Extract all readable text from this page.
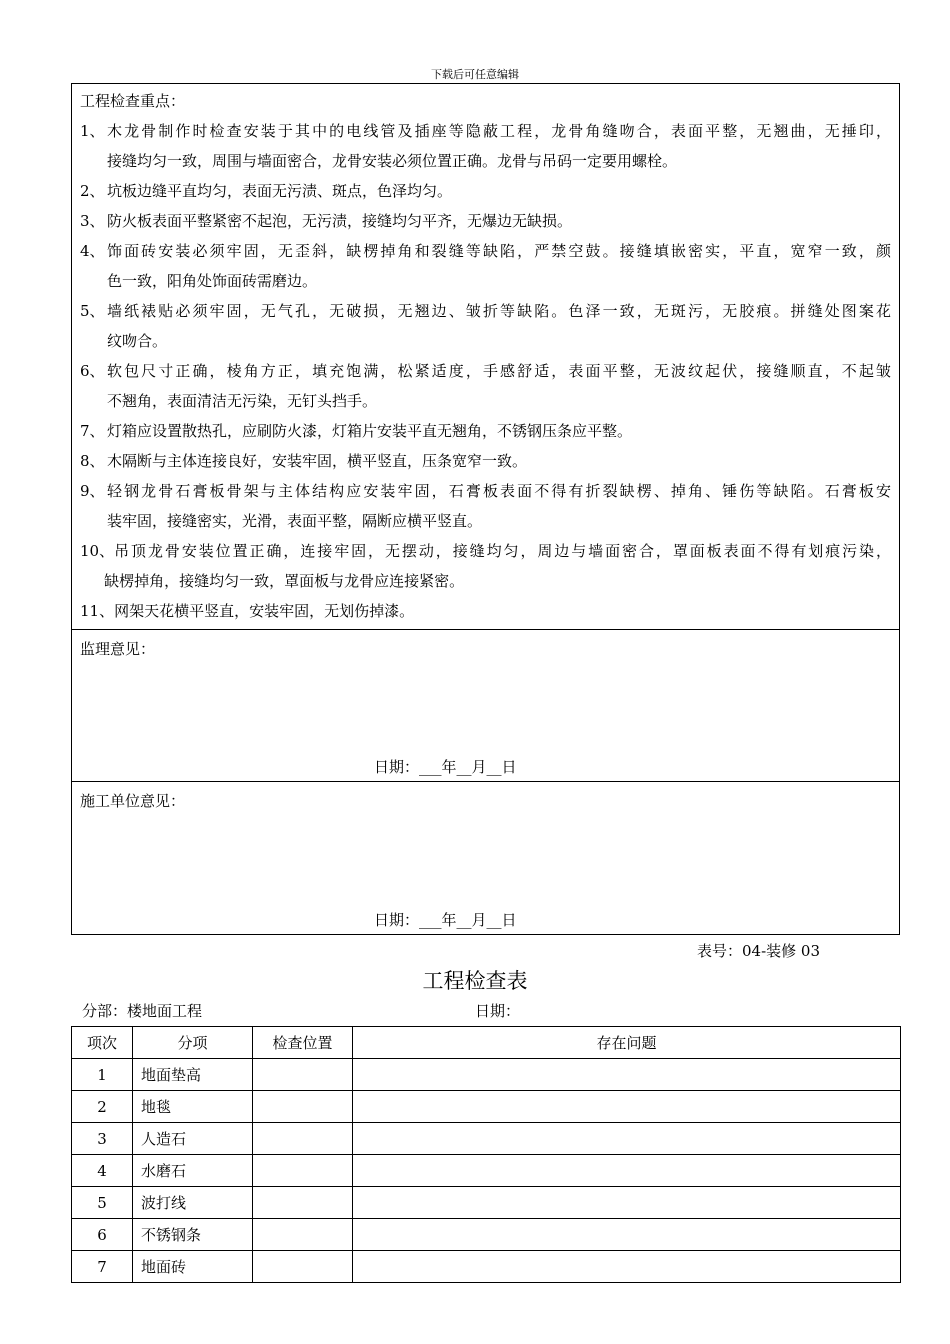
下载后可任意编辑
工程检查重点：
1、 木龙骨制作时检查安装于其中的电线管及插座等隐蔽工程，龙骨角缝吻合，表面平整，无翘曲，无捶印，
接缝均匀一致，周围与墙面密合，龙骨安装必须位置正确。龙骨与吊码一定要用螺栓。
2、 坑板边缝平直均匀，表面无污渍、斑点，色泽均匀。
3、 防火板表面平整紧密不起泡，无污渍，接缝均匀平齐，无爆边无缺损。
4、 饰面砖安装必须牢固，无歪斜，缺楞掉角和裂缝等缺陷，严禁空鼓。接缝填嵌密实，平直，宽窄一致，颜
色一致，阳角处饰面砖需磨边。
5、 墙纸裱贴必须牢固，无气孔，无破损，无翘边、皱折等缺陷。色泽一致，无斑污，无胶痕。拼缝处图案花
纹吻合。
6、 软包尺寸正确，棱角方正，填充饱满，松紧适度，手感舒适，表面平整，无波纹起伏，接缝顺直，不起皱
不翘角，表面清洁无污染，无钉头挡手。
7、 灯箱应设置散热孔，应刷防火漆，灯箱片安装平直无翘角，不锈钢压条应平整。
8、 木隔断与主体连接良好，安装牢固，横平竖直，压条宽窄一致。
9、 轻钢龙骨石膏板骨架与主体结构应安装牢固，石膏板表面不得有折裂缺楞、掉角、锤伤等缺陷。石膏板安
装牢固，接缝密实，光滑，表面平整，隔断应横平竖直。
10、 吊顶龙骨安装位置正确，连接牢固，无摆动，接缝均匀，周边与墙面密合，罩面板表面不得有划痕污染，
缺楞掉角，接缝均匀一致，罩面板与龙骨应连接紧密。
11、 网架天花横平竖直，安装牢固，无划伤掉漆。
监理意见：
日期：___年__月__日
施工单位意见：
日期：___年__月__日
表号：04-装修 03
工程检查表
分部：楼地面工程	日期：
项次	分项	检查位置	存在问题
1	地面垫高		
2	地毯		
3	人造石		
4	水磨石		
5	波打线		
6	不锈钢条		
7	地面砖		
